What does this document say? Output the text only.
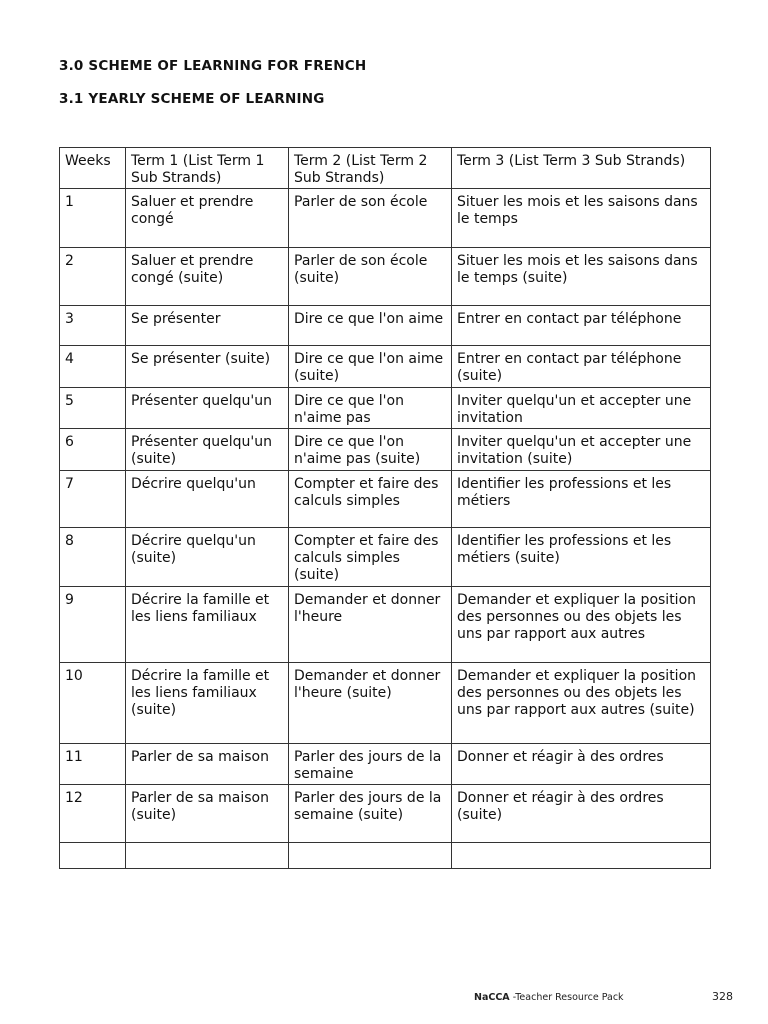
3.0 SCHEME OF LEARNING FOR FRENCH
3.1 YEARLY SCHEME OF LEARNING
Weeks	Term 1 (List Term 1 Sub Strands)	Term 2 (List Term 2 Sub Strands)	Term 3 (List Term 3 Sub Strands)
1	Saluer et prendre congé	Parler de son école	Situer les mois et les saisons dans le temps
2	Saluer et prendre congé (suite)	Parler de son école (suite)	Situer les mois et les saisons dans le temps (suite)
3	Se présenter	Dire ce que l'on aime	Entrer en contact par téléphone
4	Se présenter (suite)	Dire ce que l'on aime (suite)	Entrer en contact par téléphone (suite)
5	Présenter quelqu'un	Dire ce que l'on n'aime pas	Inviter quelqu'un et accepter une invitation
6	Présenter quelqu'un (suite)	Dire ce que l'on n'aime pas (suite)	Inviter quelqu'un et accepter une invitation (suite)
7	Décrire quelqu'un	Compter et faire des calculs simples	Identifier les professions et les métiers
8	Décrire quelqu'un (suite)	Compter et faire des calculs simples (suite)	Identifier les professions et les métiers (suite)
9	Décrire la famille et les liens familiaux	Demander et donner l'heure	Demander et expliquer la position des personnes ou des objets les uns par rapport aux autres
10	Décrire la famille et les liens familiaux (suite)	Demander et donner l'heure (suite)	Demander et expliquer la position des personnes ou des objets les uns par rapport aux autres (suite)
11	Parler de sa maison	Parler des jours de la semaine	Donner et réagir à des ordres
12	Parler de sa maison (suite)	Parler des jours de la semaine (suite)	Donner et réagir à des ordres (suite)

NaCCA -Teacher Resource Pack	328
